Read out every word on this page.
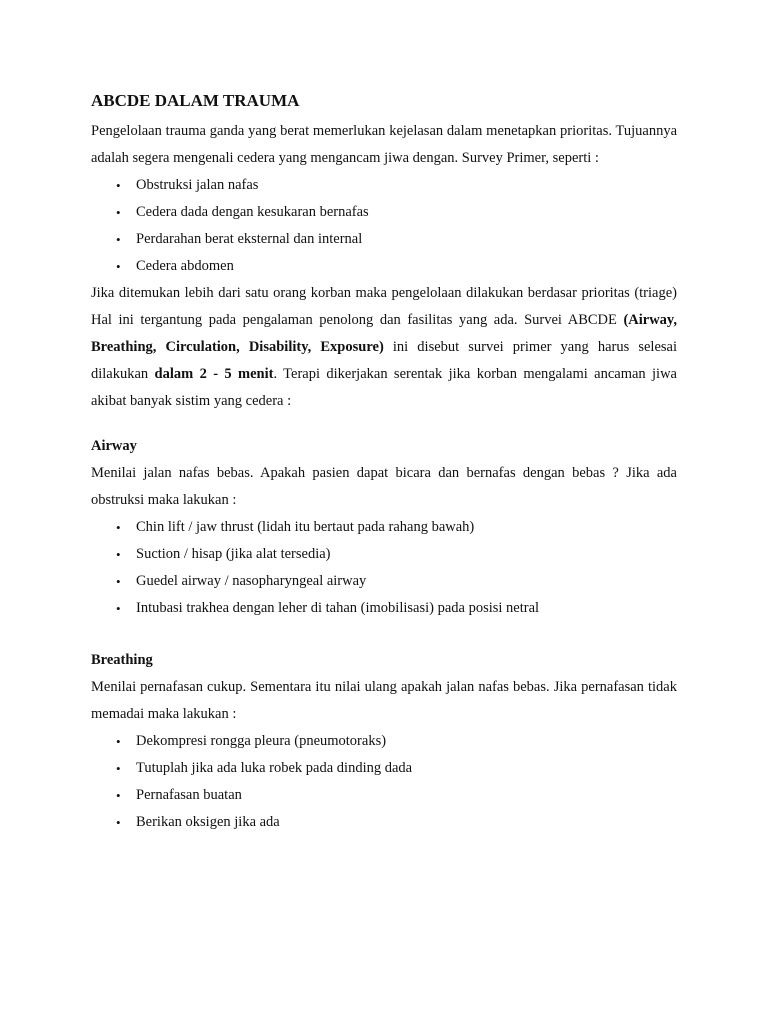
ABCDE DALAM TRAUMA

Pengelolaan trauma ganda yang berat memerlukan kejelasan dalam menetapkan prioritas. Tujuannya adalah segera mengenali cedera yang mengancam jiwa dengan. Survey Primer, seperti :

• Obstruksi jalan nafas
• Cedera dada dengan kesukaran bernafas
• Perdarahan berat eksternal dan internal
• Cedera abdomen

Jika ditemukan lebih dari satu orang korban maka pengelolaan dilakukan berdasar prioritas (triage) Hal ini tergantung pada pengalaman penolong dan fasilitas yang ada. Survei ABCDE (Airway, Breathing, Circulation, Disability, Exposure) ini disebut survei primer yang harus selesai dilakukan dalam 2 - 5 menit. Terapi dikerjakan serentak jika korban mengalami ancaman jiwa akibat banyak sistim yang cedera :

Airway

Menilai jalan nafas bebas. Apakah pasien dapat bicara dan bernafas dengan bebas ? Jika ada obstruksi maka lakukan :

• Chin lift / jaw thrust (lidah itu bertaut pada rahang bawah)
• Suction / hisap (jika alat tersedia)
• Guedel airway / nasopharyngeal airway
• Intubasi trakhea dengan leher di tahan (imobilisasi) pada posisi netral
Breathing

Menilai pernafasan cukup. Sementara itu nilai ulang apakah jalan nafas bebas. Jika pernafasan tidak memadai maka lakukan :

• Dekompresi rongga pleura (pneumotoraks)
• Tutuplah jika ada luka robek pada dinding dada
• Pernafasan buatan
• Berikan oksigen jika ada
